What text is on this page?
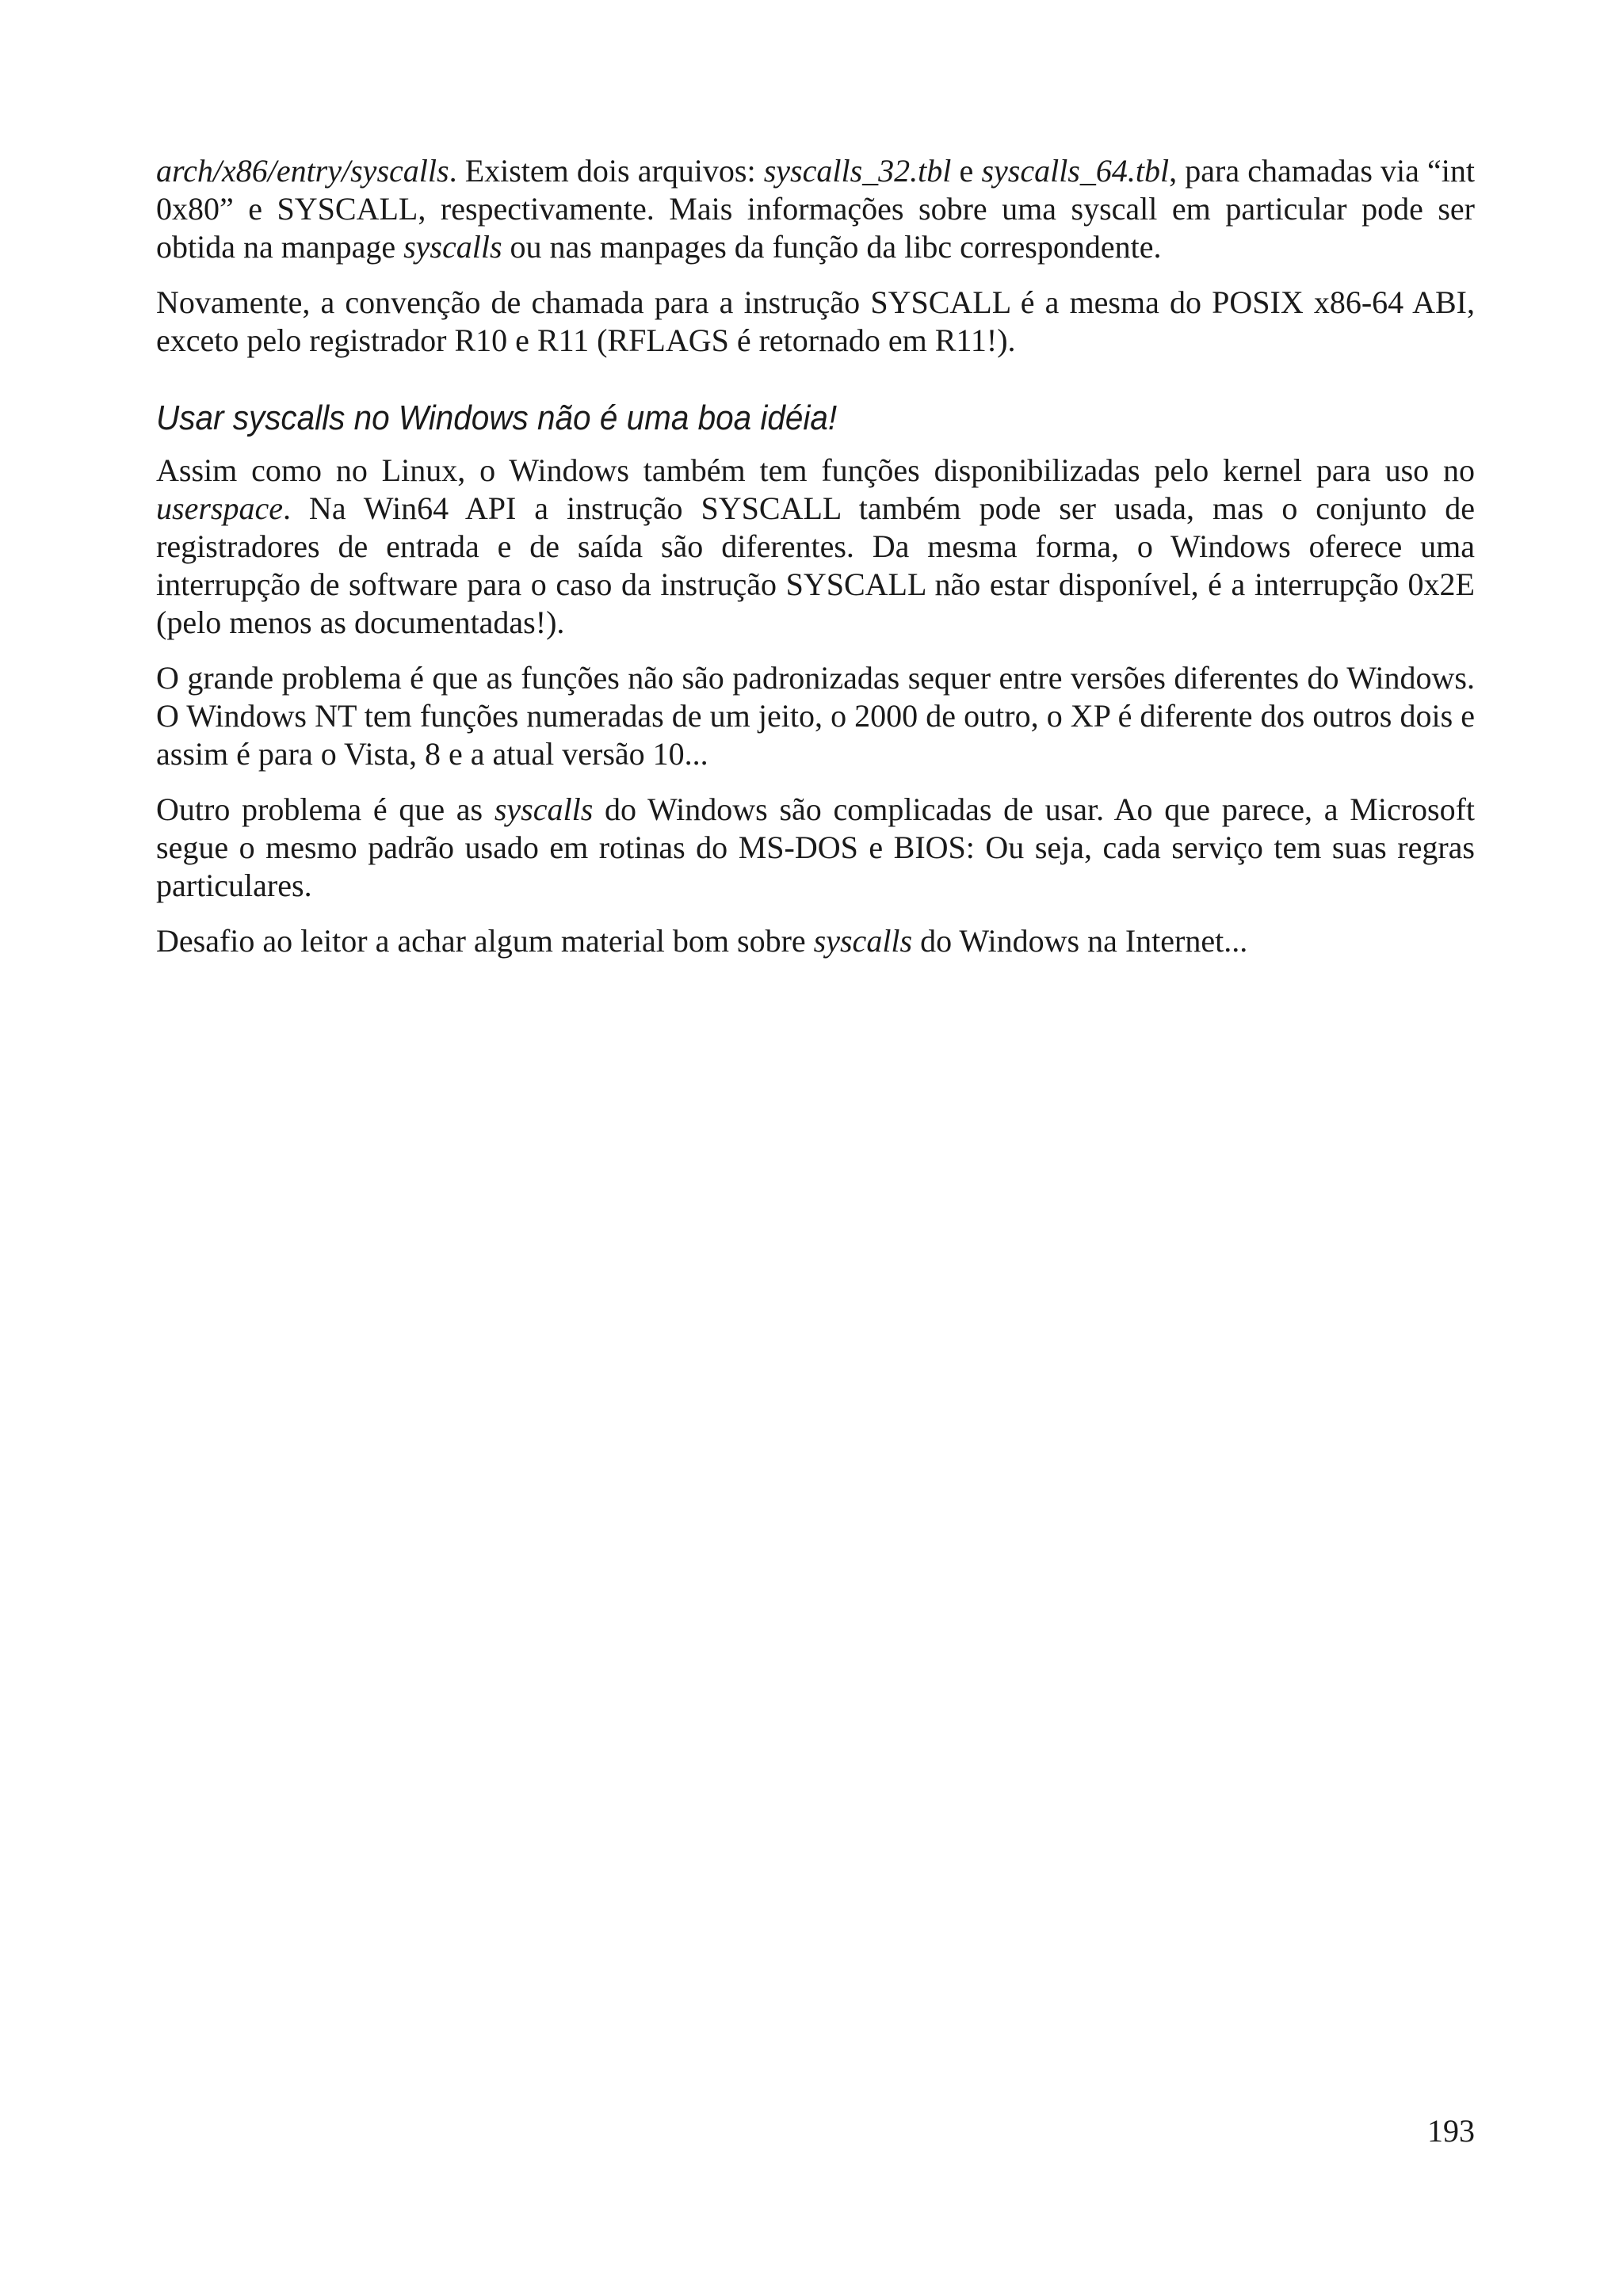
arch/x86/entry/syscalls. Existem dois arquivos: syscalls_32.tbl e syscalls_64.tbl, para chamadas via “int 0x80” e SYSCALL, respectivamente. Mais informações sobre uma syscall em particular pode ser obtida na manpage syscalls ou nas manpages da função da libc correspondente.

Novamente, a convenção de chamada para a instrução SYSCALL é a mesma do POSIX x86-64 ABI, exceto pelo registrador R10 e R11 (RFLAGS é retornado em R11!).

Usar syscalls no Windows não é uma boa idéia!

Assim como no Linux, o Windows também tem funções disponibilizadas pelo kernel para uso no userspace. Na Win64 API a instrução SYSCALL também pode ser usada, mas o conjunto de registradores de entrada e de saída são diferentes. Da mesma forma, o Windows oferece uma interrupção de software para o caso da instrução SYSCALL não estar disponível, é a interrupção 0x2E (pelo menos as documentadas!).

O grande problema é que as funções não são padronizadas sequer entre versões diferentes do Windows. O Windows NT tem funções numeradas de um jeito, o 2000 de outro, o XP é diferente dos outros dois e assim é para o Vista, 8 e a atual versão 10...

Outro problema é que as syscalls do Windows são complicadas de usar. Ao que parece, a Microsoft segue o mesmo padrão usado em rotinas do MS-DOS e BIOS: Ou seja, cada serviço tem suas regras particulares.

Desafio ao leitor a achar algum material bom sobre syscalls do Windows na Internet...

193
